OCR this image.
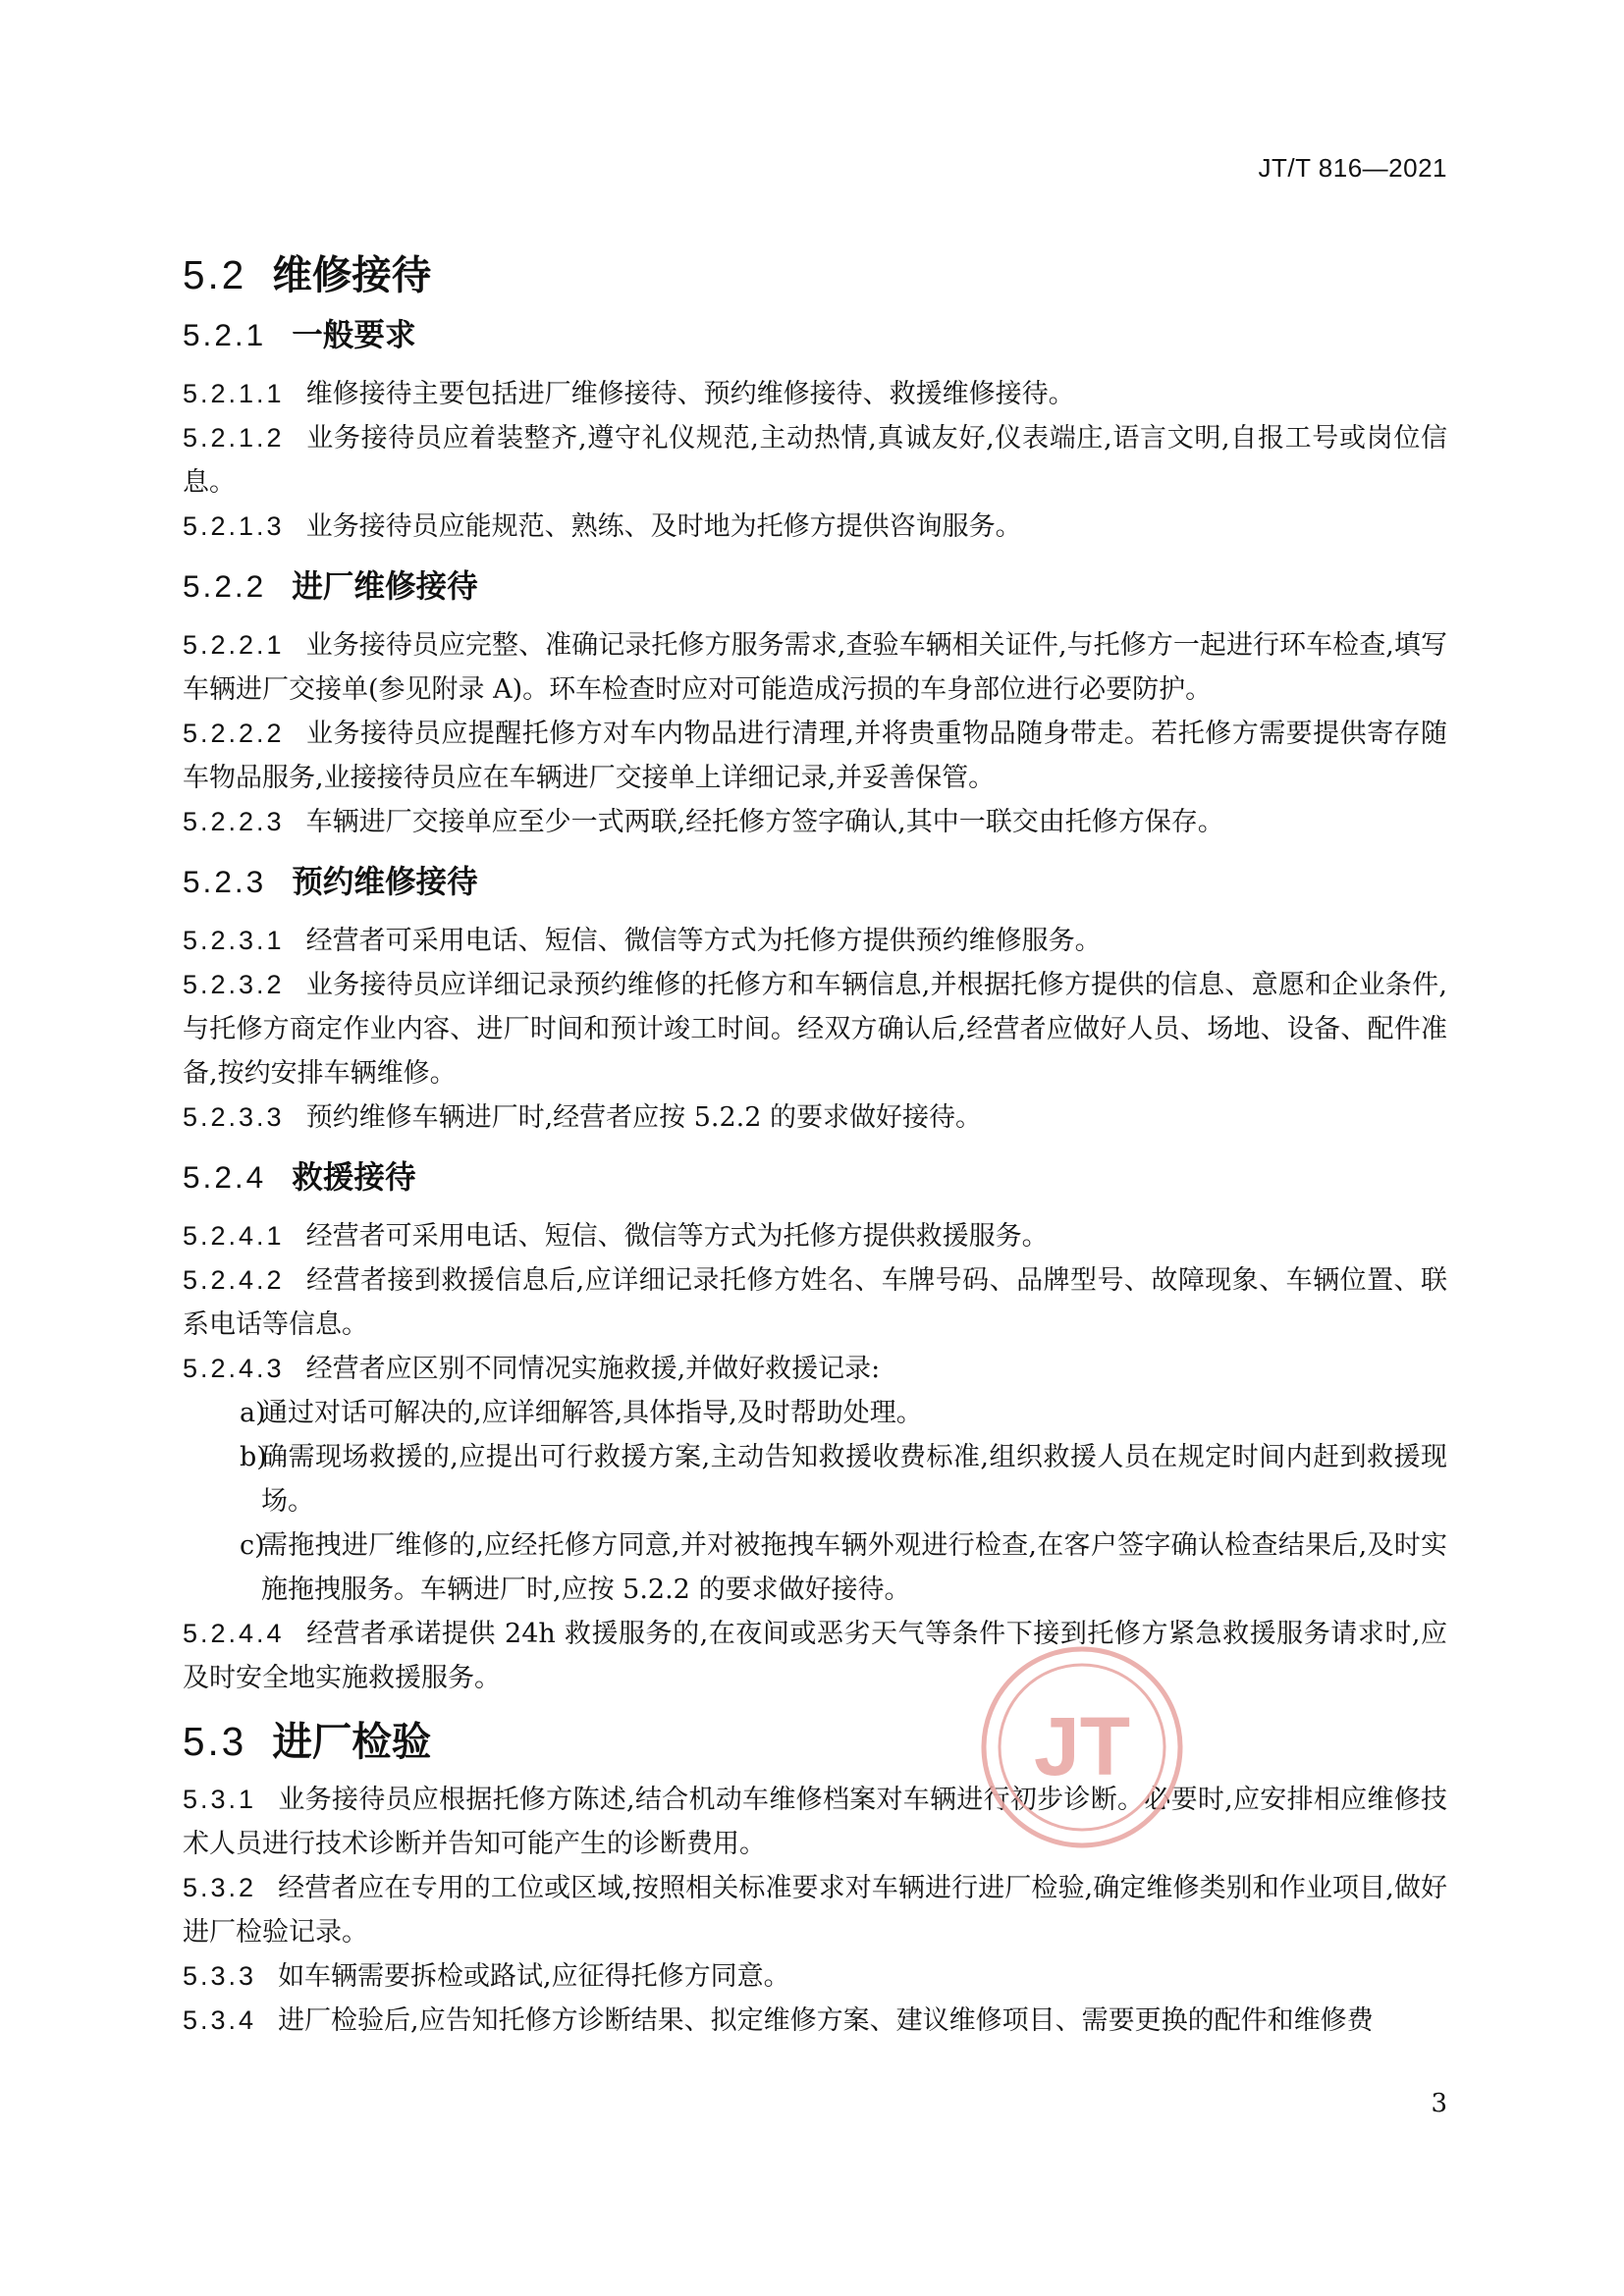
JT/T 816—2021
5.2 维修接待
5.2.1 一般要求

5.2.1.1 维修接待主要包括进厂维修接待、预约维修接待、救援维修接待。

5.2.1.2 业务接待员应着装整齐,遵守礼仪规范,主动热情,真诚友好,仪表端庄,语言文明,自报工号或岗位信息。

5.2.1.3 业务接待员应能规范、熟练、及时地为托修方提供咨询服务。

5.2.2 进厂维修接待

5.2.2.1 业务接待员应完整、准确记录托修方服务需求,查验车辆相关证件,与托修方一起进行环车检查,填写车辆进厂交接单(参见附录 A)。环车检查时应对可能造成污损的车身部位进行必要防护。

5.2.2.2 业务接待员应提醒托修方对车内物品进行清理,并将贵重物品随身带走。若托修方需要提供寄存随车物品服务,业接接待员应在车辆进厂交接单上详细记录,并妥善保管。

5.2.2.3 车辆进厂交接单应至少一式两联,经托修方签字确认,其中一联交由托修方保存。

5.2.3 预约维修接待

5.2.3.1 经营者可采用电话、短信、微信等方式为托修方提供预约维修服务。

5.2.3.2 业务接待员应详细记录预约维修的托修方和车辆信息,并根据托修方提供的信息、意愿和企业条件,与托修方商定作业内容、进厂时间和预计竣工时间。经双方确认后,经营者应做好人员、场地、设备、配件准备,按约安排车辆维修。

5.2.3.3 预约维修车辆进厂时,经营者应按 5.2.2 的要求做好接待。

5.2.4 救援接待

5.2.4.1 经营者可采用电话、短信、微信等方式为托修方提供救援服务。

5.2.4.2 经营者接到救援信息后,应详细记录托修方姓名、车牌号码、品牌型号、故障现象、车辆位置、联系电话等信息。

5.2.4.3 经营者应区别不同情况实施救援,并做好救援记录:

a)
通过对话可解决的,应详细解答,具体指导,及时帮助处理。

b)
确需现场救援的,应提出可行救援方案,主动告知救援收费标准,组织救援人员在规定时间内赶到救援现场。

c)
需拖拽进厂维修的,应经托修方同意,并对被拖拽车辆外观进行检查,在客户签字确认检查结果后,及时实施拖拽服务。车辆进厂时,应按 5.2.2 的要求做好接待。

5.2.4.4 经营者承诺提供 24h 救援服务的,在夜间或恶劣天气等条件下接到托修方紧急救援服务请求时,应及时安全地实施救援服务。

5.3 进厂检验

5.3.1 业务接待员应根据托修方陈述,结合机动车维修档案对车辆进行初步诊断。必要时,应安排相应维修技术人员进行技术诊断并告知可能产生的诊断费用。

5.3.2 经营者应在专用的工位或区域,按照相关标准要求对车辆进行进厂检验,确定维修类别和作业项目,做好进厂检验记录。

5.3.3 如车辆需要拆检或路试,应征得托修方同意。

5.3.4 进厂检验后,应告知托修方诊断结果、拟定维修方案、建议维修项目、需要更换的配件和维修费

JT
3
